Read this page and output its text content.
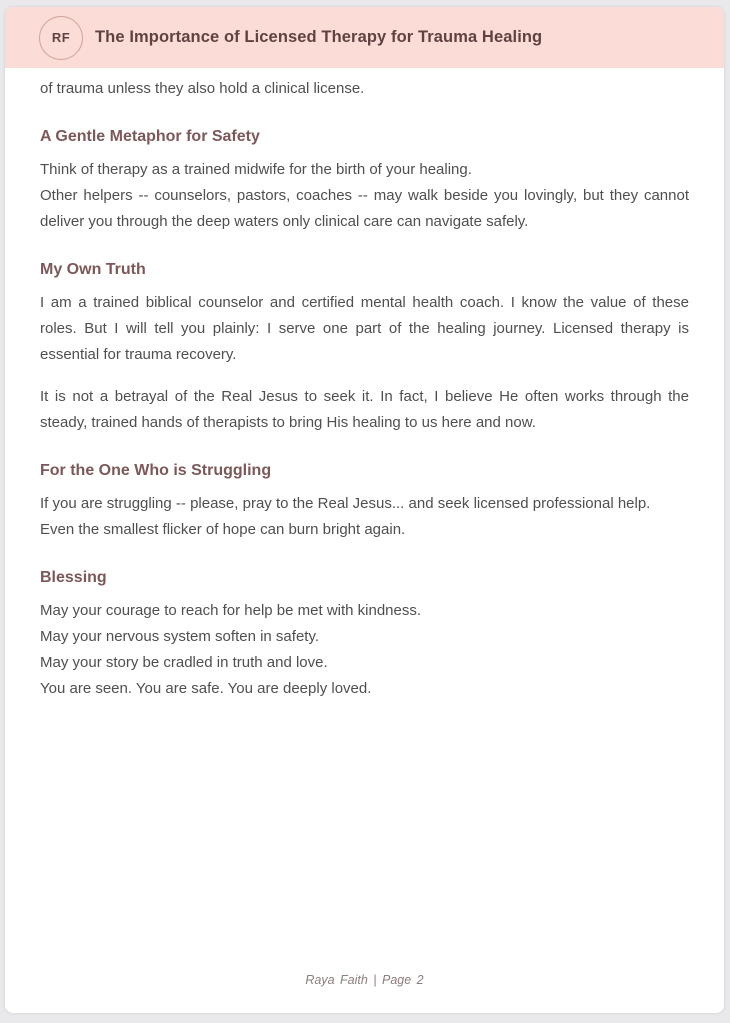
RF The Importance of Licensed Therapy for Trauma Healing

of trauma unless they also hold a clinical license.

A Gentle Metaphor for Safety

Think of therapy as a trained midwife for the birth of your healing.

Other helpers -- counselors, pastors, coaches -- may walk beside you lovingly, but they cannot deliver you through the deep waters only clinical care can navigate safely.

My Own Truth

I am a trained biblical counselor and certified mental health coach. I know the value of these roles. But I will tell you plainly: I serve one part of the healing journey. Licensed therapy is essential for trauma recovery.

It is not a betrayal of the Real Jesus to seek it. In fact, I believe He often works through the steady, trained hands of therapists to bring His healing to us here and now.

For the One Who is Struggling

If you are struggling -- please, pray to the Real Jesus... and seek licensed professional help.

Even the smallest flicker of hope can burn bright again.

Blessing

May your courage to reach for help be met with kindness.

May your nervous system soften in safety.

May your story be cradled in truth and love.

You are seen. You are safe. You are deeply loved.

Raya Faith | Page 2
